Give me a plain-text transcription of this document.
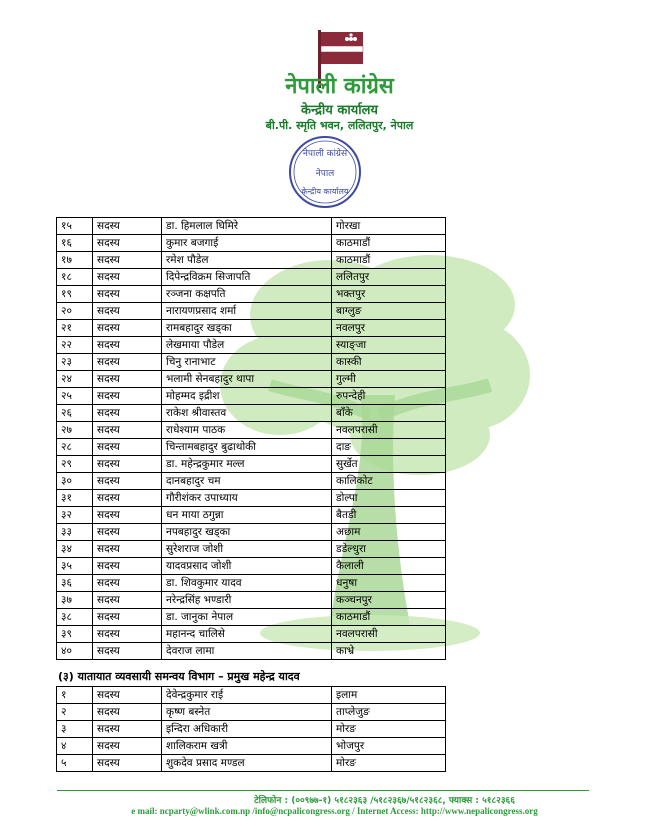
नेपाली कांग्रेस
केन्द्रीय कार्यालय
बी.पी. स्मृति भवन, ललितपुर, नेपाल
नेपाली कांग्रेस
नेपाल
केन्द्रीय कार्यालय
१५	सदस्य	डा. हिमलाल घिमिरे	गोरखा
१६	सदस्य	कुमार बजगाई	काठमाडौं
१७	सदस्य	रमेश पौडेल	काठमाडौं
१८	सदस्य	दिपेन्द्रविक्रम सिजापति	ललितपुर
१९	सदस्य	रञ्जना कक्षपति	भक्तपुर
२०	सदस्य	नारायणप्रसाद शर्मा	बाग्लुङ
२१	सदस्य	रामबहादुर खड्का	नवलपुर
२२	सदस्य	लेखमाया पौडेल	स्याङ्जा
२३	सदस्य	चिनु रानाभाट	कास्की
२४	सदस्य	भलामी सेनबहादुर थापा	गुल्मी
२५	सदस्य	मोहम्मद इद्रीश	रुपन्देही
२६	सदस्य	राकेश श्रीवास्तव	बाँके
२७	सदस्य	राधेश्याम पाठक	नवलपरासी
२८	सदस्य	चिन्तामबहादुर बुढाथोकी	दाङ
२९	सदस्य	डा. महेन्द्रकुमार मल्ल	सुर्खेत
३०	सदस्य	दानबहादुर चम	कालिकोट
३१	सदस्य	गौरीशंकर उपाध्याय	डोल्पा
३२	सदस्य	धन माया ठगुन्ना	बैतडी
३३	सदस्य	नपबहादुर खड्का	अछाम
३४	सदस्य	सुरेशराज जोशी	डडेल्धुरा
३५	सदस्य	यादवप्रसाद जोशी	कैलाली
३६	सदस्य	डा. शिवकुमार यादव	धनुषा
३७	सदस्य	नरेन्द्रसिंह भण्डारी	कञ्चनपुर
३८	सदस्य	डा. जानुका नेपाल	काठमाडौं
३९	सदस्य	महानन्द चालिसे	नवलपरासी
४०	सदस्य	देवराज लामा	काभ्रे
(३) यातायात व्यवसायी समन्वय विभाग – प्रमुख महेन्द्र यादव
१	सदस्य	देवेन्द्रकुमार राई	इलाम
२	सदस्य	कृष्ण बस्नेत	ताप्लेजुङ
३	सदस्य	इन्दिरा अधिकारी	मोरङ
४	सदस्य	शालिकराम खत्री	भोजपुर
५	सदस्य	शुकदेव प्रसाद मण्डल	मोरङ
टेलिफोन : (००९७७-१) ५१८२३६३ /५१८२३६७/५१८२३६८, फ्याक्स : ५१८२३६६
e mail: ncparty@wlink.com.np /info@ncpalicongress.org / Internet Access: http://www.nepalicongress.org
